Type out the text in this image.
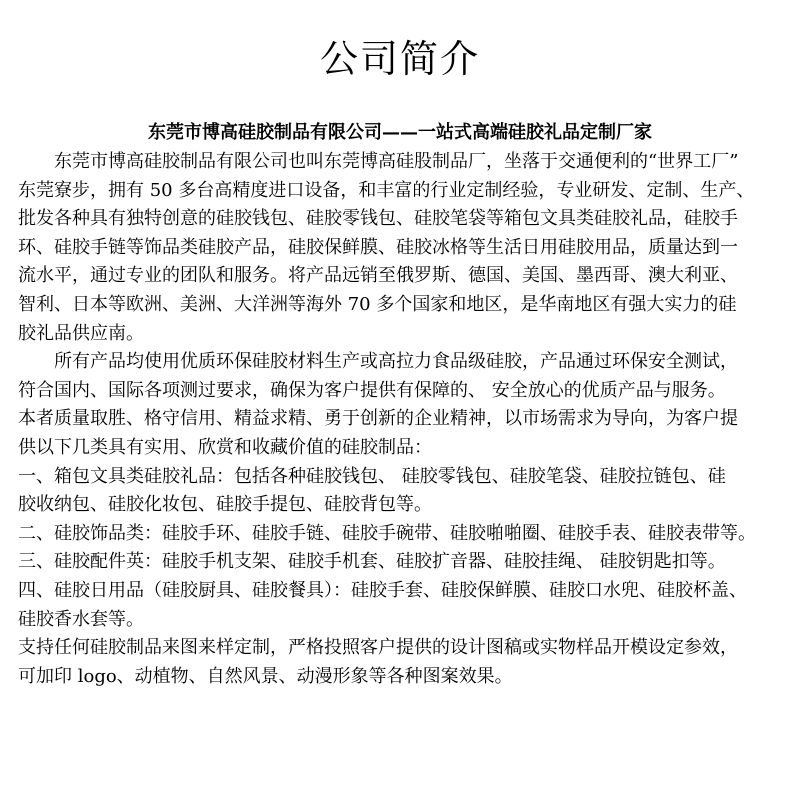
公司简介
东莞市博高硅胶制品有限公司——一站式高端硅胶礼品定制厂家
东莞市博高硅胶制品有限公司也叫东莞博高硅股制品厂，坐落于交通便利的“世界工厂”
东莞寮步，拥有 50 多台高精度进口设备，和丰富的行业定制经验，专业研发、定制、生产、
批发各种具有独特创意的硅胶钱包、硅胶零钱包、硅胶笔袋等箱包文具类硅胶礼品，硅胶手
环、硅胶手链等饰品类硅胶产品，硅胶保鲜膜、硅胶冰格等生活日用硅胶用品，质量达到一
流水平，通过专业的团队和服务。将产品远销至俄罗斯、德国、美国、墨西哥、澳大利亚、
智利、日本等欧洲、美洲、大洋洲等海外 70 多个国家和地区，是华南地区有强大实力的硅
胶礼品供应南。
所有产品均使用优质环保硅胶材料生产或高拉力食品级硅胶，产品通过环保安全测试，
符合国内、国际各项测过要求，确保为客户提供有保障的、 安全放心的优质产品与服务。
本者质量取胜、格守信用、精益求精、勇于创新的企业精神，以市场需求为导向，为客户提
供以下几类具有实用、欣赏和收藏价值的硅胶制品：
一、箱包文具类硅胶礼品：包括各种硅胶钱包、 硅胶零钱包、硅胶笔袋、硅胶拉链包、硅
胶收纳包、硅胶化妆包、硅胶手提包、硅胶背包等。
二、硅胶饰品类：硅胶手环、硅胶手链、硅胶手碗带、硅胶啪啪圈、硅胶手表、硅胶表带等。
三、硅胶配件英：硅胶手机支架、硅胶手机套、硅胶扩音器、硅胶挂绳、 硅胶钥匙扣等。
四、硅胶日用品（硅胶厨具、硅胶餐具）：硅胶手套、硅胶保鲜膜、硅胶口水兜、硅胶杯盖、
硅胶香水套等。
支持任何硅胶制品来图来样定制，严格投照客户提供的设计图稿或实物样品开模设定参效，
可加印 logo、动植物、自然风景、动漫形象等各种图案效果。
